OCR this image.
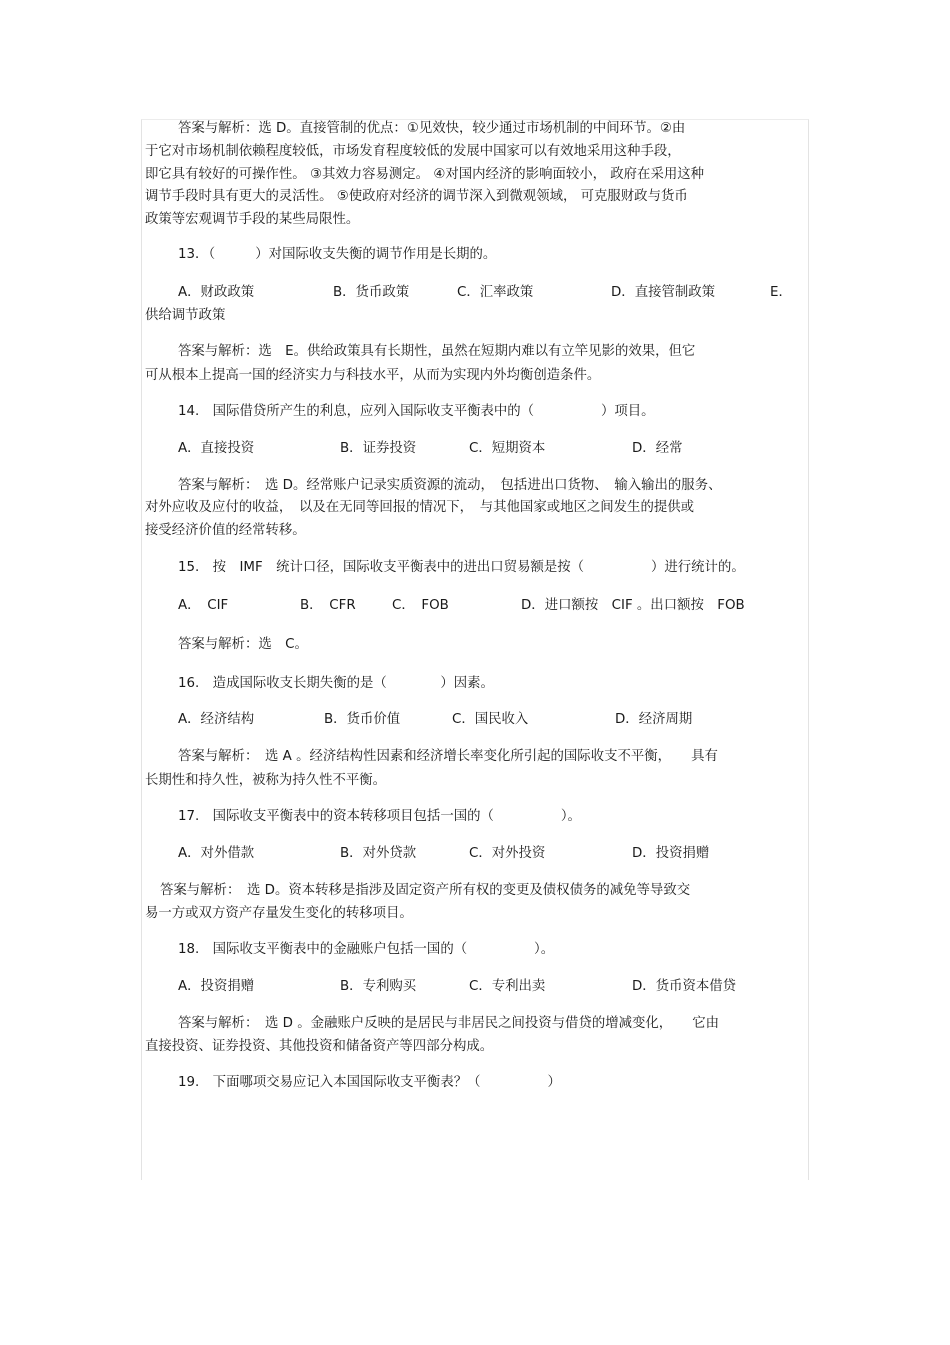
答案与解析：选 D。直接管制的优点：①见效快，较少通过市场机制的中间环节。②由
于它对市场机制依赖程度较低，市场发育程度较低的发展中国家可以有效地采用这种手段，
即它具有较好的可操作性。 ③其效力容易测定。 ④对国内经济的影响面较小， 政府在采用这种
调节手段时具有更大的灵活性。 ⑤使政府对经济的调节深入到微观领域， 可克服财政与货币
政策等宏观调节手段的某些局限性。
13．（　　　）对国际收支失衡的调节作用是长期的。
A．财政政策	B．货币政策	C．汇率政策	D．直接管制政策	E．
供给调节政策
答案与解析：选　E。供给政策具有长期性，虽然在短期内难以有立竿见影的效果，但它
可从根本上提高一国的经济实力与科技水平，从而为实现内外均衡创造条件。
14.　国际借贷所产生的利息，应列入国际收支平衡表中的（　　　　　）项目。
A．直接投资	B．证券投资	C．短期资本	D．经常
答案与解析：　选 D。经常账户记录实质资源的流动，　包括进出口货物、　输入输出的服务、
对外应收及应付的收益，　以及在无同等回报的情况下，　与其他国家或地区之间发生的提供或
接受经济价值的经常转移。
15.　按　IMF　统计口径，国际收支平衡表中的进出口贸易额是按（　　　　　）进行统计的。
A．　CIF	B．　CFR	C．　FOB	D．进口额按　CIF 。出口额按　FOB
答案与解析：选　C。
16.　造成国际收支长期失衡的是（　　　　）因素。
A．经济结构	B．货币价值	C．国民收入	D．经济周期
答案与解析：　选 A 。经济结构性因素和经济增长率变化所引起的国际收支不平衡，　　具有
长期性和持久性，被称为持久性不平衡。
17.　国际收支平衡表中的资本转移项目包括一国的（　　　　　）。
A．对外借款	B．对外贷款	C．对外投资	D．投资捐赠
答案与解析：　选 D。资本转移是指涉及固定资产所有权的变更及债权债务的减免等导致交
易一方或双方资产存量发生变化的转移项目。
18.　国际收支平衡表中的金融账户包括一国的（　　　　　）。
A．投资捐赠	B．专利购买	C．专利出卖	D．货币资本借贷
答案与解析：　选 D 。金融账户反映的是居民与非居民之间投资与借贷的增减变化，　　它由
直接投资、证券投资、其他投资和储备资产等四部分构成。
19.　下面哪项交易应记入本国国际收支平衡表？（　　　　　）
